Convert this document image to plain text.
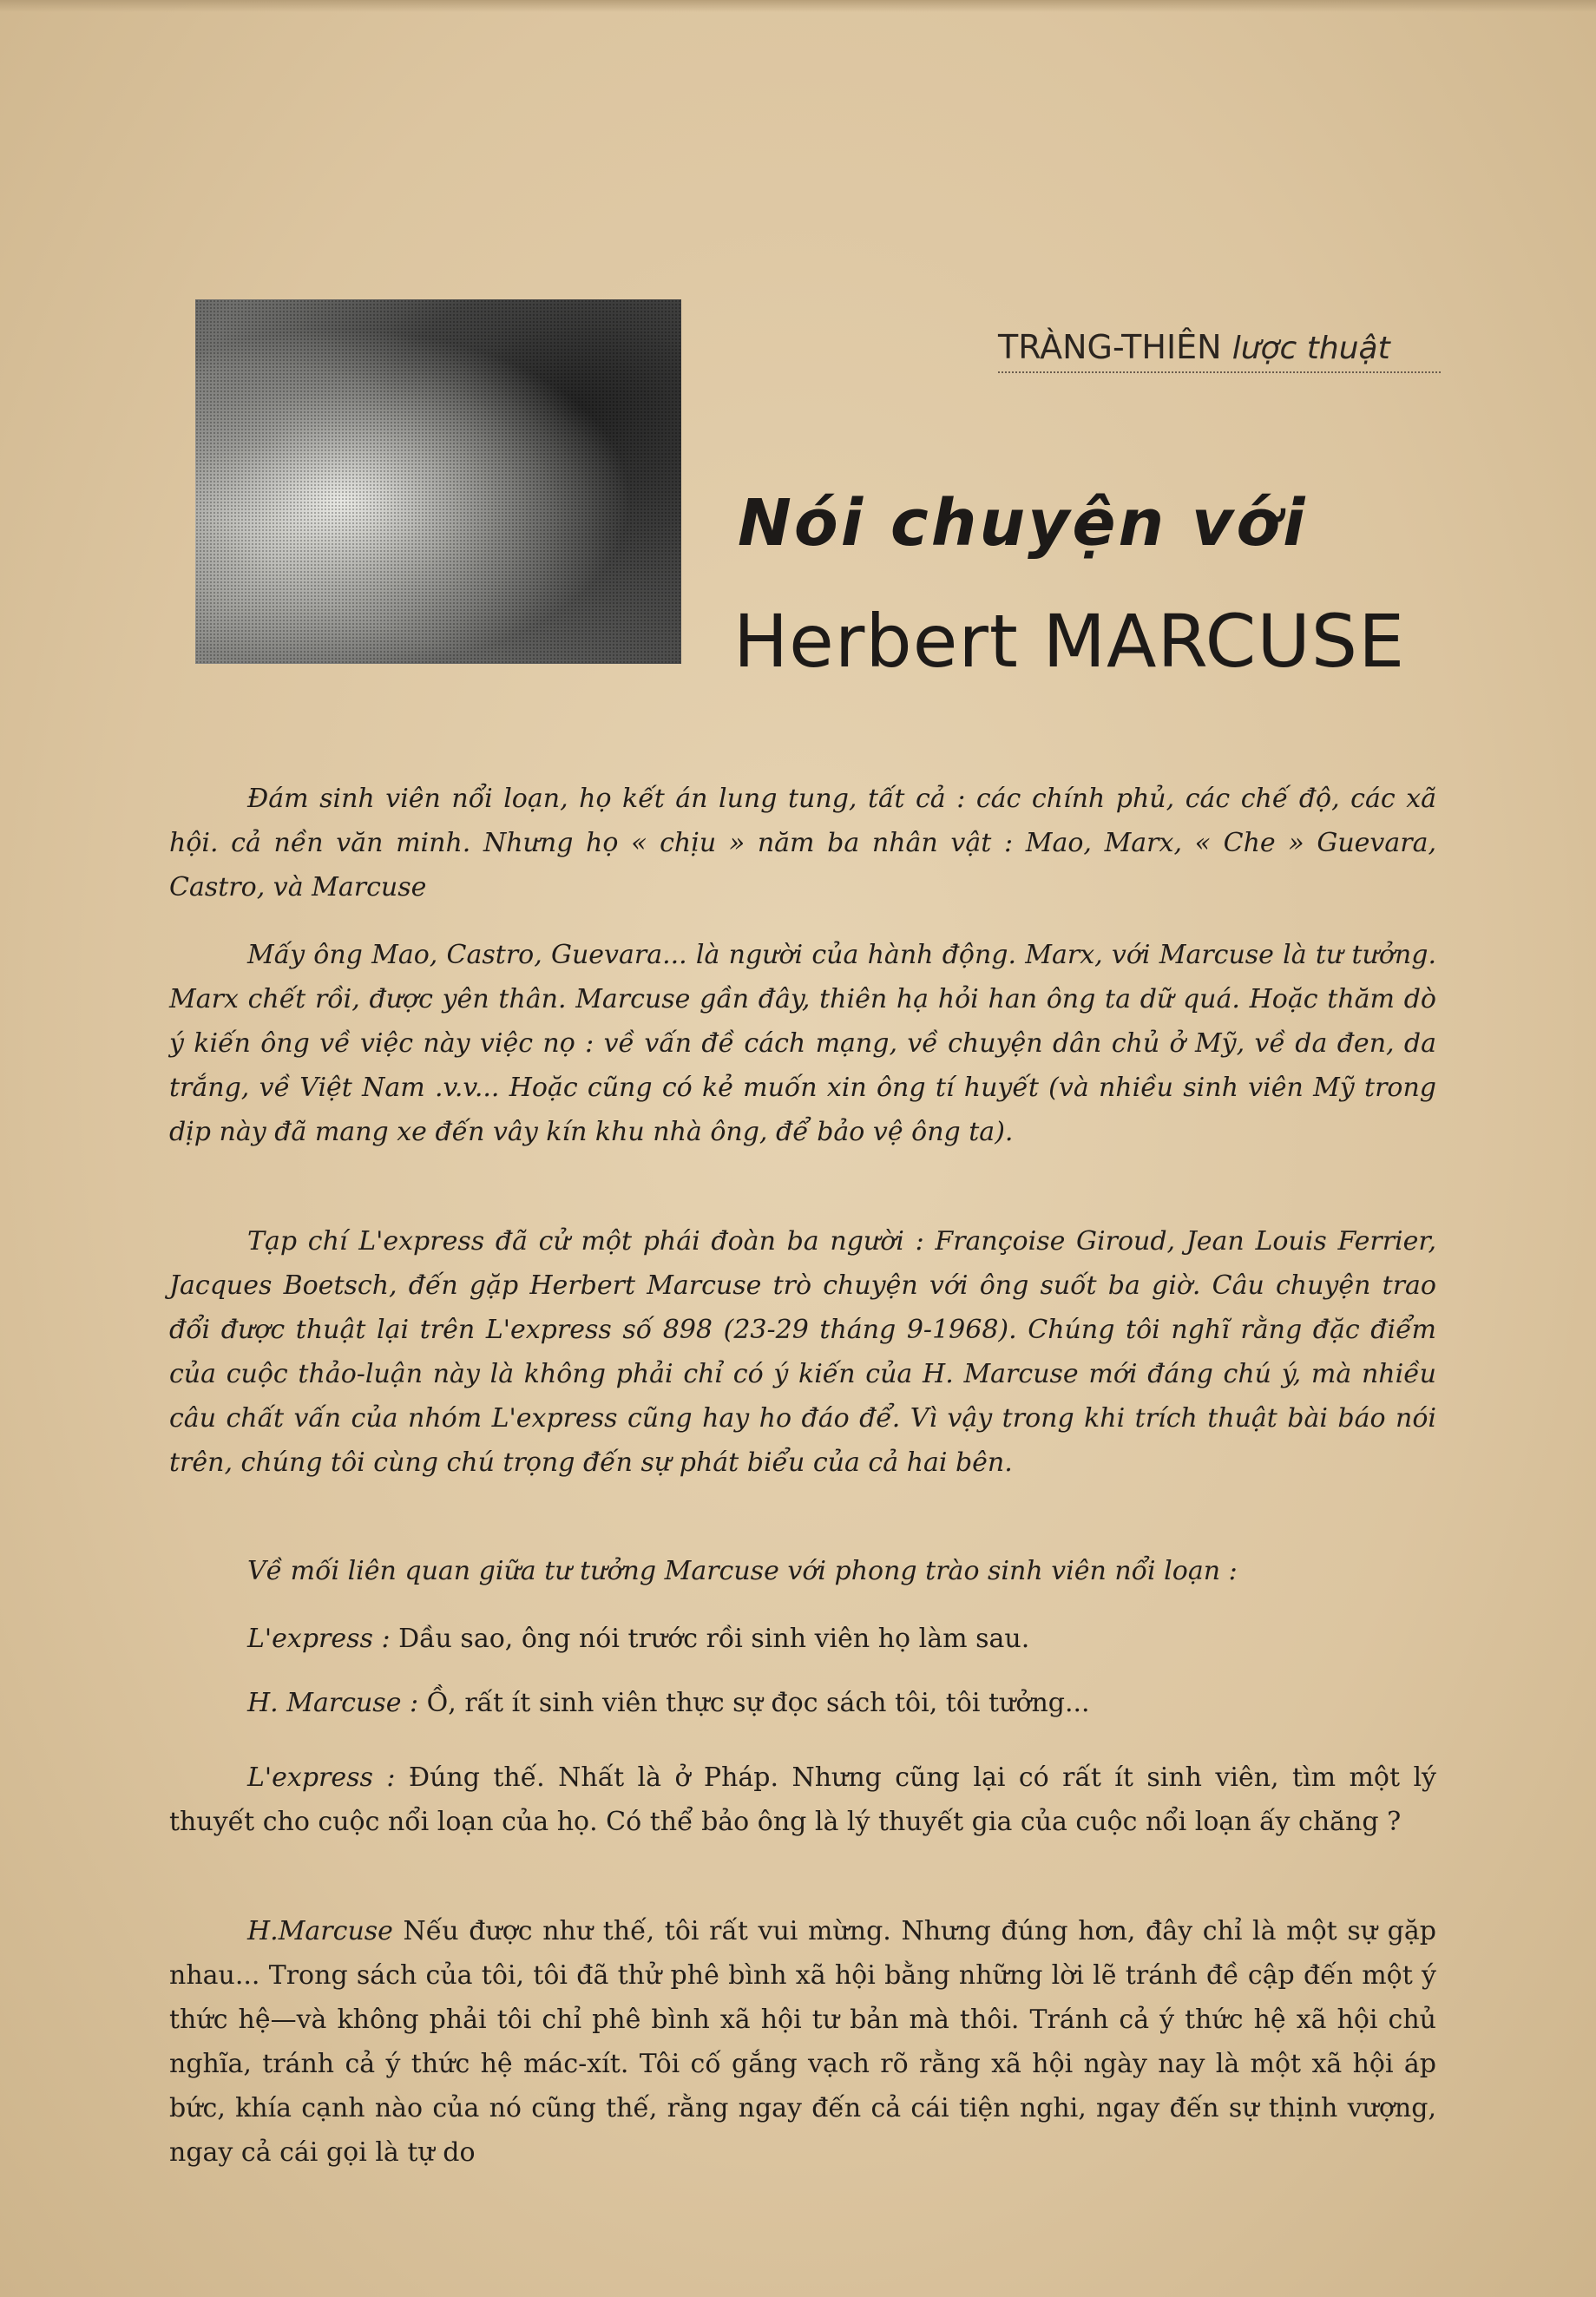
TRÀNG-THIÊN lược thuật
Nói chuyện với
Herbert MARCUSE

Đám sinh viên nổi loạn, họ kết án lung tung, tất cả : các chính phủ, các chế độ, các xã hội. cả nền văn minh. Nhưng họ « chịu » năm ba nhân vật : Mao, Marx, « Che » Guevara, Castro, và Marcuse

Mấy ông Mao, Castro, Guevara... là người của hành động. Marx, với Marcuse là tư tưởng. Marx chết rồi, được yên thân. Marcuse gần đây, thiên hạ hỏi han ông ta dữ quá. Hoặc thăm dò ý kiến ông về việc này việc nọ : về vấn đề cách mạng, về chuyện dân chủ ở Mỹ, về da đen, da trắng, về Việt Nam .v.v... Hoặc cũng có kẻ muốn xin ông tí huyết (và nhiều sinh viên Mỹ trong dịp này đã mang xe đến vây kín khu nhà ông, để bảo vệ ông ta).

Tạp chí L'express đã cử một phái đoàn ba người : Françoise Giroud, Jean Louis Ferrier, Jacques Boetsch, đến gặp Herbert Marcuse trò chuyện với ông suốt ba giờ. Câu chuyện trao đổi được thuật lại trên L'express số 898 (23-29 tháng 9-1968). Chúng tôi nghĩ rằng đặc điểm của cuộc thảo-luận này là không phải chỉ có ý kiến của H. Marcuse mới đáng chú ý, mà nhiều câu chất vấn của nhóm L'express cũng hay ho đáo để. Vì vậy trong khi trích thuật bài báo nói trên, chúng tôi cùng chú trọng đến sự phát biểu của cả hai bên.

Về mối liên quan giữa tư tưởng Marcuse với phong trào sinh viên nổi loạn :

L'express : Dầu sao, ông nói trước rồi sinh viên họ làm sau.

H. Marcuse : Ồ, rất ít sinh viên thực sự đọc sách tôi, tôi tưởng...

L'express : Đúng thế. Nhất là ở Pháp. Nhưng cũng lại có rất ít sinh viên, tìm một lý thuyết cho cuộc nổi loạn của họ. Có thể bảo ông là lý thuyết gia của cuộc nổi loạn ấy chăng ?

H.Marcuse Nếu được như thế, tôi rất vui mừng. Nhưng đúng hơn, đây chỉ là một sự gặp nhau... Trong sách của tôi, tôi đã thử phê bình xã hội bằng những lời lẽ tránh đề cập đến một ý thức hệ—và không phải tôi chỉ phê bình xã hội tư bản mà thôi. Tránh cả ý thức hệ xã hội chủ nghĩa, tránh cả ý thức hệ mác-xít. Tôi cố gắng vạch rõ rằng xã hội ngày nay là một xã hội áp bức, khía cạnh nào của nó cũng thế, rằng ngay đến cả cái tiện nghi, ngay đến sự thịnh vượng, ngay cả cái gọi là tự do
